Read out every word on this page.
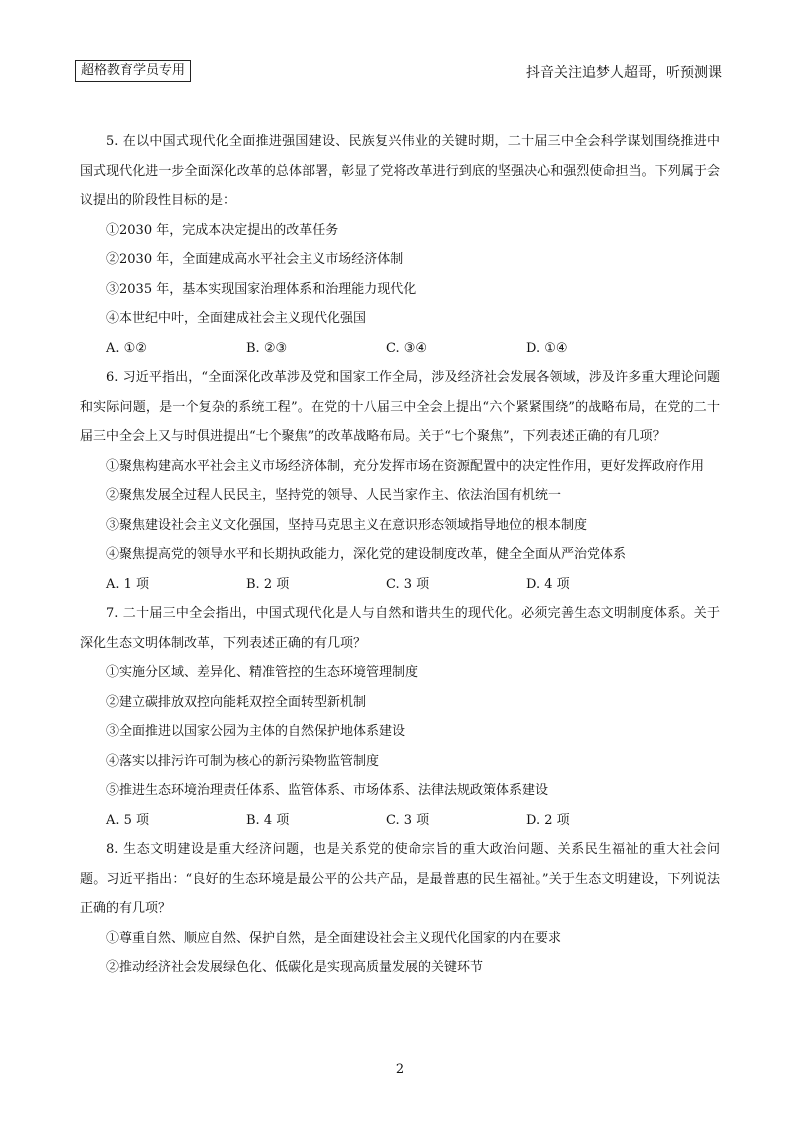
超格教育学员专用	抖音关注追梦人超哥，听预测课
5. 在以中国式现代化全面推进强国建设、民族复兴伟业的关键时期，二十届三中全会科学谋划围绕推进中国式现代化进一步全面深化改革的总体部署，彰显了党将改革进行到底的坚强决心和强烈使命担当。下列属于会议提出的阶段性目标的是：
①2030 年，完成本决定提出的改革任务
②2030 年，全面建成高水平社会主义市场经济体制
③2035 年，基本实现国家治理体系和治理能力现代化
④本世纪中叶，全面建成社会主义现代化强国
A. ①②	B. ②③	C. ③④	D. ①④
6. 习近平指出，“全面深化改革涉及党和国家工作全局，涉及经济社会发展各领域，涉及许多重大理论问题和实际问题，是一个复杂的系统工程”。在党的十八届三中全会上提出“六个紧紧围绕”的战略布局，在党的二十届三中全会上又与时俱进提出“七个聚焦”的改革战略布局。关于“七个聚焦”，下列表述正确的有几项？
①聚焦构建高水平社会主义市场经济体制，充分发挥市场在资源配置中的决定性作用，更好发挥政府作用
②聚焦发展全过程人民民主，坚持党的领导、人民当家作主、依法治国有机统一
③聚焦建设社会主义文化强国，坚持马克思主义在意识形态领域指导地位的根本制度
④聚焦提高党的领导水平和长期执政能力，深化党的建设制度改革，健全全面从严治党体系
A. 1 项	B. 2 项	C. 3 项	D. 4 项
7. 二十届三中全会指出，中国式现代化是人与自然和谐共生的现代化。必须完善生态文明制度体系。关于深化生态文明体制改革，下列表述正确的有几项？
①实施分区域、差异化、精准管控的生态环境管理制度
②建立碳排放双控向能耗双控全面转型新机制
③全面推进以国家公园为主体的自然保护地体系建设
④落实以排污许可制为核心的新污染物监管制度
⑤推进生态环境治理责任体系、监管体系、市场体系、法律法规政策体系建设
A. 5 项	B. 4 项	C. 3 项	D. 2 项
8. 生态文明建设是重大经济问题，也是关系党的使命宗旨的重大政治问题、关系民生福祉的重大社会问题。习近平指出：“良好的生态环境是最公平的公共产品，是最普惠的民生福祉。”关于生态文明建设，下列说法正确的有几项？
①尊重自然、顺应自然、保护自然，是全面建设社会主义现代化国家的内在要求
②推动经济社会发展绿色化、低碳化是实现高质量发展的关键环节
2
